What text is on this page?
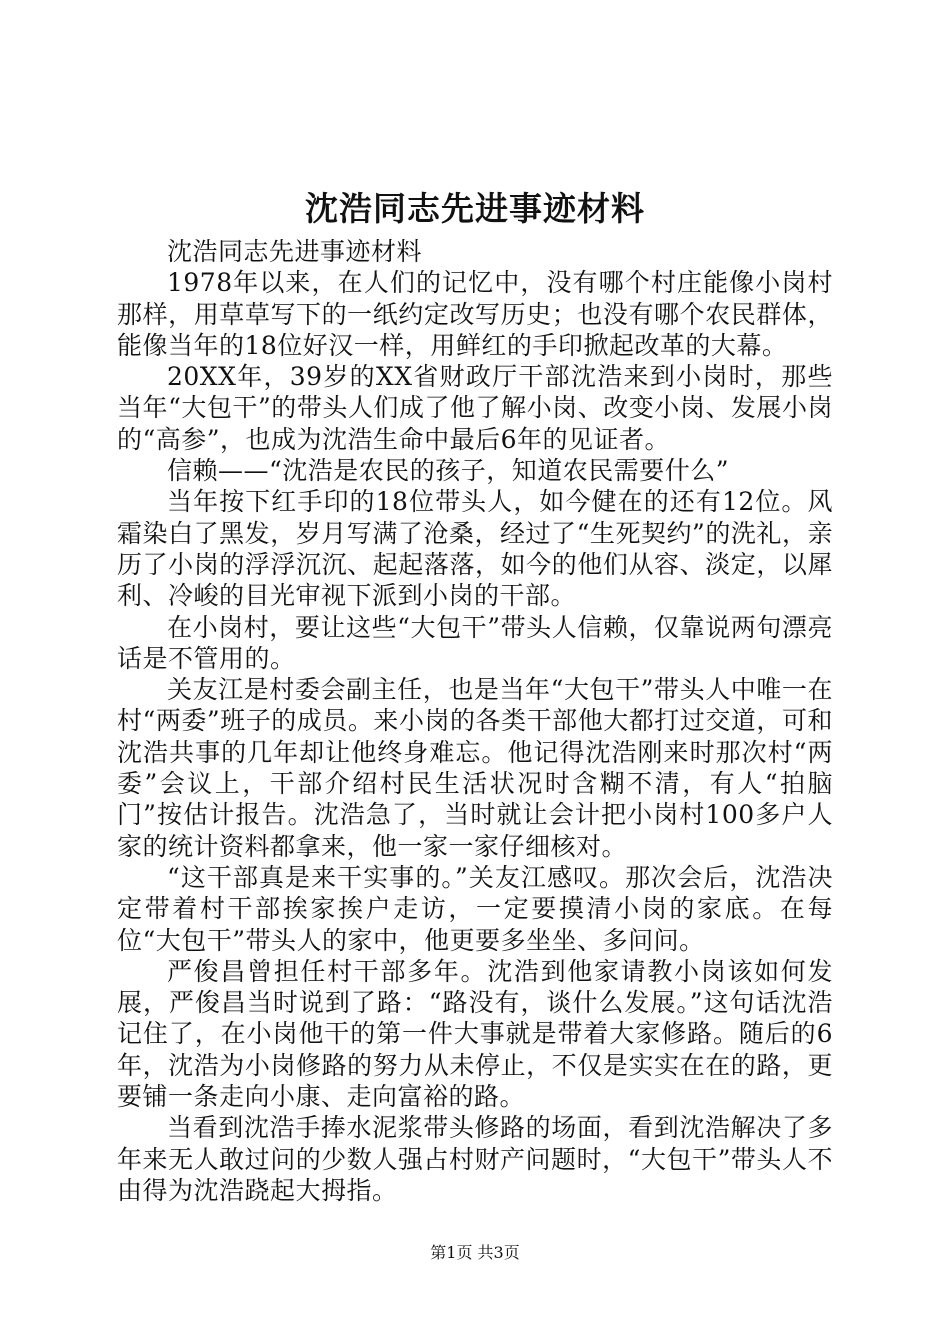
沈浩同志先进事迹材料

沈浩同志先进事迹材料

1978年以来，在人们的记忆中，没有哪个村庄能像小岗村那样，用草草写下的一纸约定改写历史；也没有哪个农民群体，能像当年的18位好汉一样，用鲜红的手印掀起改革的大幕。

20XX年，39岁的XX省财政厅干部沈浩来到小岗时，那些当年“大包干”的带头人们成了他了解小岗、改变小岗、发展小岗的“高参”，也成为沈浩生命中最后6年的见证者。

信赖——“沈浩是农民的孩子，知道农民需要什么”

当年按下红手印的18位带头人，如今健在的还有12位。风霜染白了黑发，岁月写满了沧桑，经过了“生死契约”的洗礼，亲历了小岗的浮浮沉沉、起起落落，如今的他们从容、淡定，以犀利、冷峻的目光审视下派到小岗的干部。

在小岗村，要让这些“大包干”带头人信赖，仅靠说两句漂亮话是不管用的。

关友江是村委会副主任，也是当年“大包干”带头人中唯一在村“两委”班子的成员。来小岗的各类干部他大都打过交道，可和沈浩共事的几年却让他终身难忘。他记得沈浩刚来时那次村“两委”会议上，干部介绍村民生活状况时含糊不清，有人“拍脑门”按估计报告。沈浩急了，当时就让会计把小岗村100多户人家的统计资料都拿来，他一家一家仔细核对。

“这干部真是来干实事的。”关友江感叹。那次会后，沈浩决定带着村干部挨家挨户走访，一定要摸清小岗的家底。在每位“大包干”带头人的家中，他更要多坐坐、多问问。

严俊昌曾担任村干部多年。沈浩到他家请教小岗该如何发展，严俊昌当时说到了路：“路没有，谈什么发展。”这句话沈浩记住了，在小岗他干的第一件大事就是带着大家修路。随后的6年，沈浩为小岗修路的努力从未停止，不仅是实实在在的路，更要铺一条走向小康、走向富裕的路。

当看到沈浩手捧水泥浆带头修路的场面，看到沈浩解决了多年来无人敢过问的少数人强占村财产问题时，“大包干”带头人不由得为沈浩跷起大拇指。

第1页 共3页
